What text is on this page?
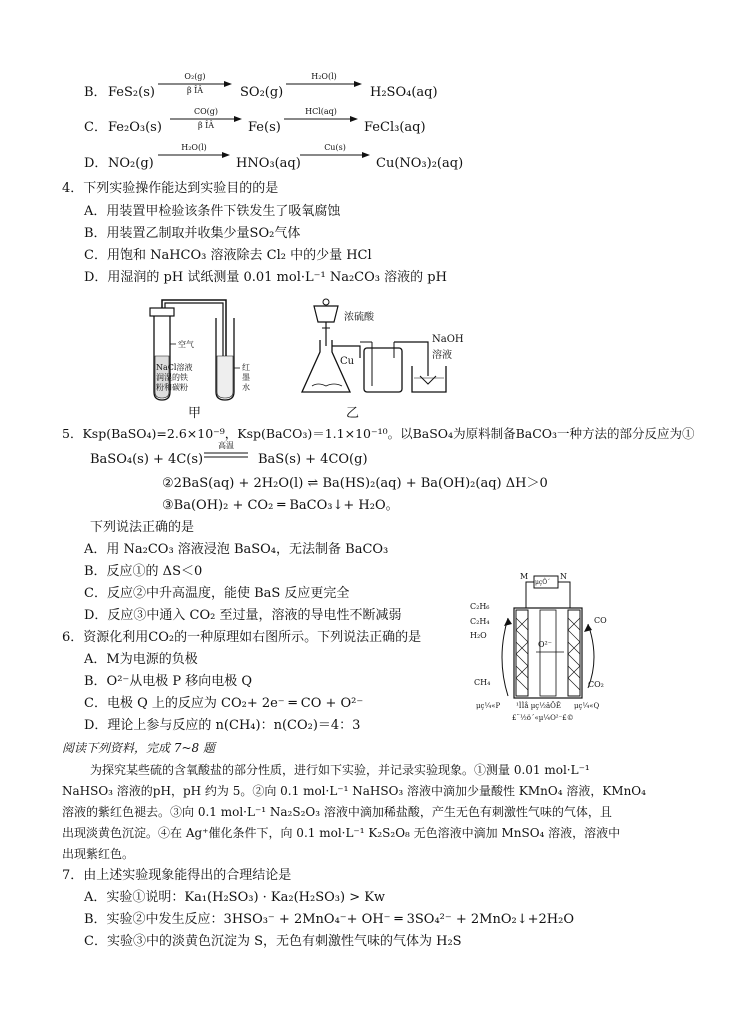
B． FeS₂(s)
O₂(g)
β ÎÂ	SO₂(g)
H₂O(l)
H₂SO₄(aq)
C． Fe₂O₃(s)
CO(g)
β ÎÂ	Fe(s)
HCl(aq)
FeCl₃(aq)
D． NO₂(g)
H₂O(l)
HNO₃(aq)
Cu(s)
Cu(NO₃)₂(aq)
4．下列实验操作能达到实验目的的是
A．用装置甲检验该条件下铁发生了吸氧腐蚀
B．用装置乙制取并收集少量SO₂气体
C．用饱和 NaHCO₃ 溶液除去 Cl₂ 中的少量 HCl
D．用湿润的 pH 试纸测量 0.01 mol·L⁻¹ Na₂CO₃ 溶液的 pH
空气
NaCl溶液
润湿的铁
粉和碳粉
红
墨
水
甲
浓硫酸
Cu
NaOH
溶液
乙
5．Ksp(BaSO₄)=2.6×10⁻⁹，Ksp(BaCO₃)＝1.1×10⁻¹⁰。以BaSO₄为原料制备BaCO₃一种方法的部分反应为①
BaSO₄(s) + 4C(s)
高温
BaS(s) + 4CO(g)
②2BaS(aq) + 2H₂O(l) ⇌ Ba(HS)₂(aq) + Ba(OH)₂(aq) ΔH＞0
③Ba(OH)₂ + CO₂ ═ BaCO₃↓+ H₂O。
下列说法正确的是
A．用 Na₂CO₃ 溶液浸泡 BaSO₄，无法制备 BaCO₃
B．反应①的 ΔS＜0
C．反应②中升高温度，能使 BaS 反应更完全
D．反应③中通入 CO₂ 至过量，溶液的导电性不断减弱
6．资源化利用CO₂的一种原理如右图所示。下列说法正确的是
A．M为电源的负极
B．O²⁻从电极 P 移向电极 Q
C．电极 Q 上的反应为 CO₂+ 2e⁻ ═ CO + O²⁻
D．理论上参与反应的 n(CH₄)：n(CO₂)＝4：3
M	N
μçÔ´
C₂H₆
C₂H₄
H₂O
CH₄
CO
CO₂
O²⁻
μç¼«P ¹ÌÌå µç½âÖÊ μç¼«Q
£¨½ö´«µ¼O²⁻£©
阅读下列资料，完成 7~8 题
为探究某些硫的含氧酸盐的部分性质，进行如下实验，并记录实验现象。①测量 0.01 mol·L⁻¹
NaHSO₃ 溶液的pH，pH 约为 5。②向 0.1 mol·L⁻¹ NaHSO₃ 溶液中滴加少量酸性 KMnO₄ 溶液，KMnO₄
溶液的紫红色褪去。③向 0.1 mol·L⁻¹ Na₂S₂O₃ 溶液中滴加稀盐酸，产生无色有刺激性气味的气体，且
出现淡黄色沉淀。④在 Ag⁺催化条件下，向 0.1 mol·L⁻¹ K₂S₂O₈ 无色溶液中滴加 MnSO₄ 溶液，溶液中
出现紫红色。
7．由上述实验现象能得出的合理结论是
A．实验①说明：Ka₁(H₂SO₃) · Ka₂(H₂SO₃) > Kw
B．实验②中发生反应：3HSO₃⁻ + 2MnO₄⁻+ OH⁻ ═ 3SO₄²⁻ + 2MnO₂↓+2H₂O
C．实验③中的淡黄色沉淀为 S，无色有刺激性气味的气体为 H₂S
